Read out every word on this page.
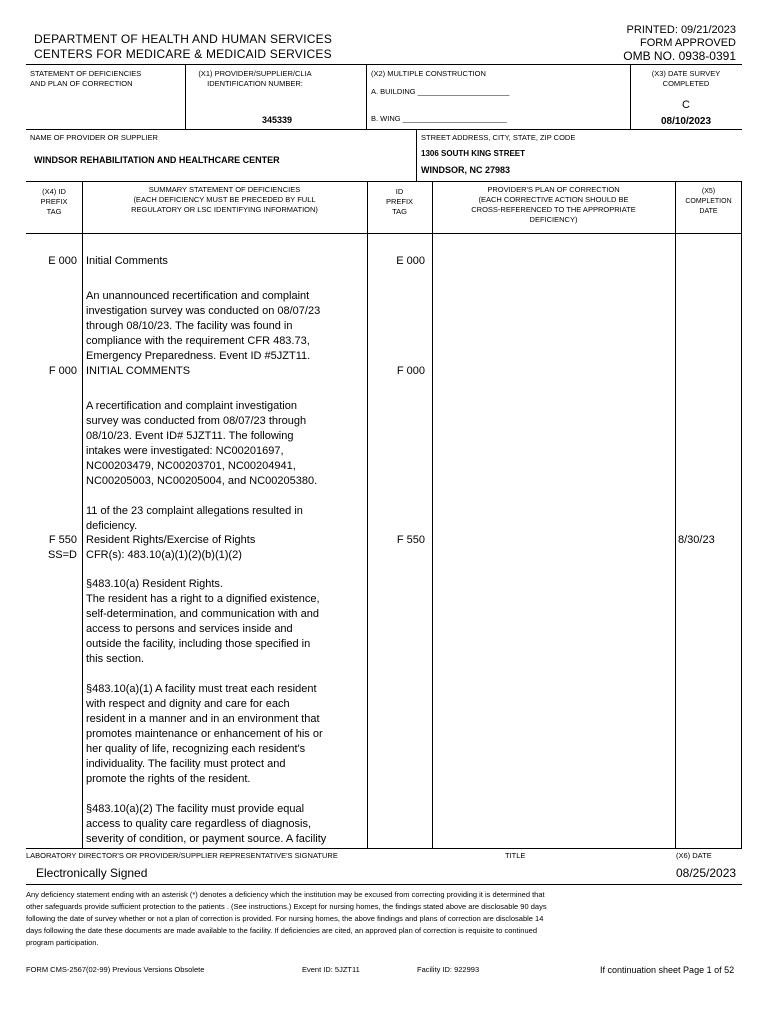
DEPARTMENT OF HEALTH AND HUMAN SERVICES
CENTERS FOR MEDICARE & MEDICAID SERVICES
PRINTED: 09/21/2023
FORM APPROVED
OMB NO. 0938-0391
STATEMENT OF DEFICIENCIES
AND PLAN OF CORRECTION
(X1) PROVIDER/SUPPLIER/CLIA
IDENTIFICATION NUMBER:
345339
(X2) MULTIPLE CONSTRUCTION
A. BUILDING ______________________
B. WING _________________________
(X3) DATE SURVEY
COMPLETED
C
08/10/2023
NAME OF PROVIDER OR SUPPLIER
WINDSOR REHABILITATION AND HEALTHCARE CENTER
STREET ADDRESS, CITY, STATE, ZIP CODE
1306 SOUTH KING STREET
WINDSOR, NC 27983
(X4) ID
PREFIX
TAG
SUMMARY STATEMENT OF DEFICIENCIES
(EACH DEFICIENCY MUST BE PRECEDED BY FULL
REGULATORY OR LSC IDENTIFYING INFORMATION)
ID
PREFIX
TAG
PROVIDER'S PLAN OF CORRECTION
(EACH CORRECTIVE ACTION SHOULD BE
CROSS-REFERENCED TO THE APPROPRIATE
DEFICIENCY)
(X5)
COMPLETION
DATE
E 000 Initial Comments	E 000
An unannounced recertification and complaint
investigation survey was conducted on 08/07/23
through 08/10/23. The facility was found in
compliance with the requirement CFR 483.73,
Emergency Preparedness. Event ID #5JZT11.
F 000 INITIAL COMMENTS	F 000
A recertification and complaint investigation
survey was conducted from 08/07/23 through
08/10/23. Event ID# 5JZT11. The following
intakes were investigated: NC00201697,
NC00203479, NC00203701, NC00204941,
NC00205003, NC00205004, and NC00205380.

11 of the 23 complaint allegations resulted in
deficiency.
F 550
SS=D
Resident Rights/Exercise of Rights
CFR(s): 483.10(a)(1)(2)(b)(1)(2)
F 550	8/30/23
§483.10(a) Resident Rights.
The resident has a right to a dignified existence,
self-determination, and communication with and
access to persons and services inside and
outside the facility, including those specified in
this section.

§483.10(a)(1) A facility must treat each resident
with respect and dignity and care for each
resident in a manner and in an environment that
promotes maintenance or enhancement of his or
her quality of life, recognizing each resident's
individuality. The facility must protect and
promote the rights of the resident.

§483.10(a)(2) The facility must provide equal
access to quality care regardless of diagnosis,
severity of condition, or payment source. A facility
LABORATORY DIRECTOR'S OR PROVIDER/SUPPLIER REPRESENTATIVE'S SIGNATURE
Electronically Signed
TITLE	(X6) DATE
08/25/2023
Any deficiency statement ending with an asterisk (*) denotes a deficiency which the institution may be excused from correcting providing it is determined that
other safeguards provide sufficient protection to the patients . (See instructions.) Except for nursing homes, the findings stated above are disclosable 90 days
following the date of survey whether or not a plan of correction is provided. For nursing homes, the above findings and plans of correction are disclosable 14
days following the date these documents are made available to the facility. If deficiencies are cited, an approved plan of correction is requisite to continued
program participation.
FORM CMS-2567(02-99) Previous Versions Obsolete	Event ID: 5JZT11	Facility ID: 922993	If continuation sheet Page 1 of 52
